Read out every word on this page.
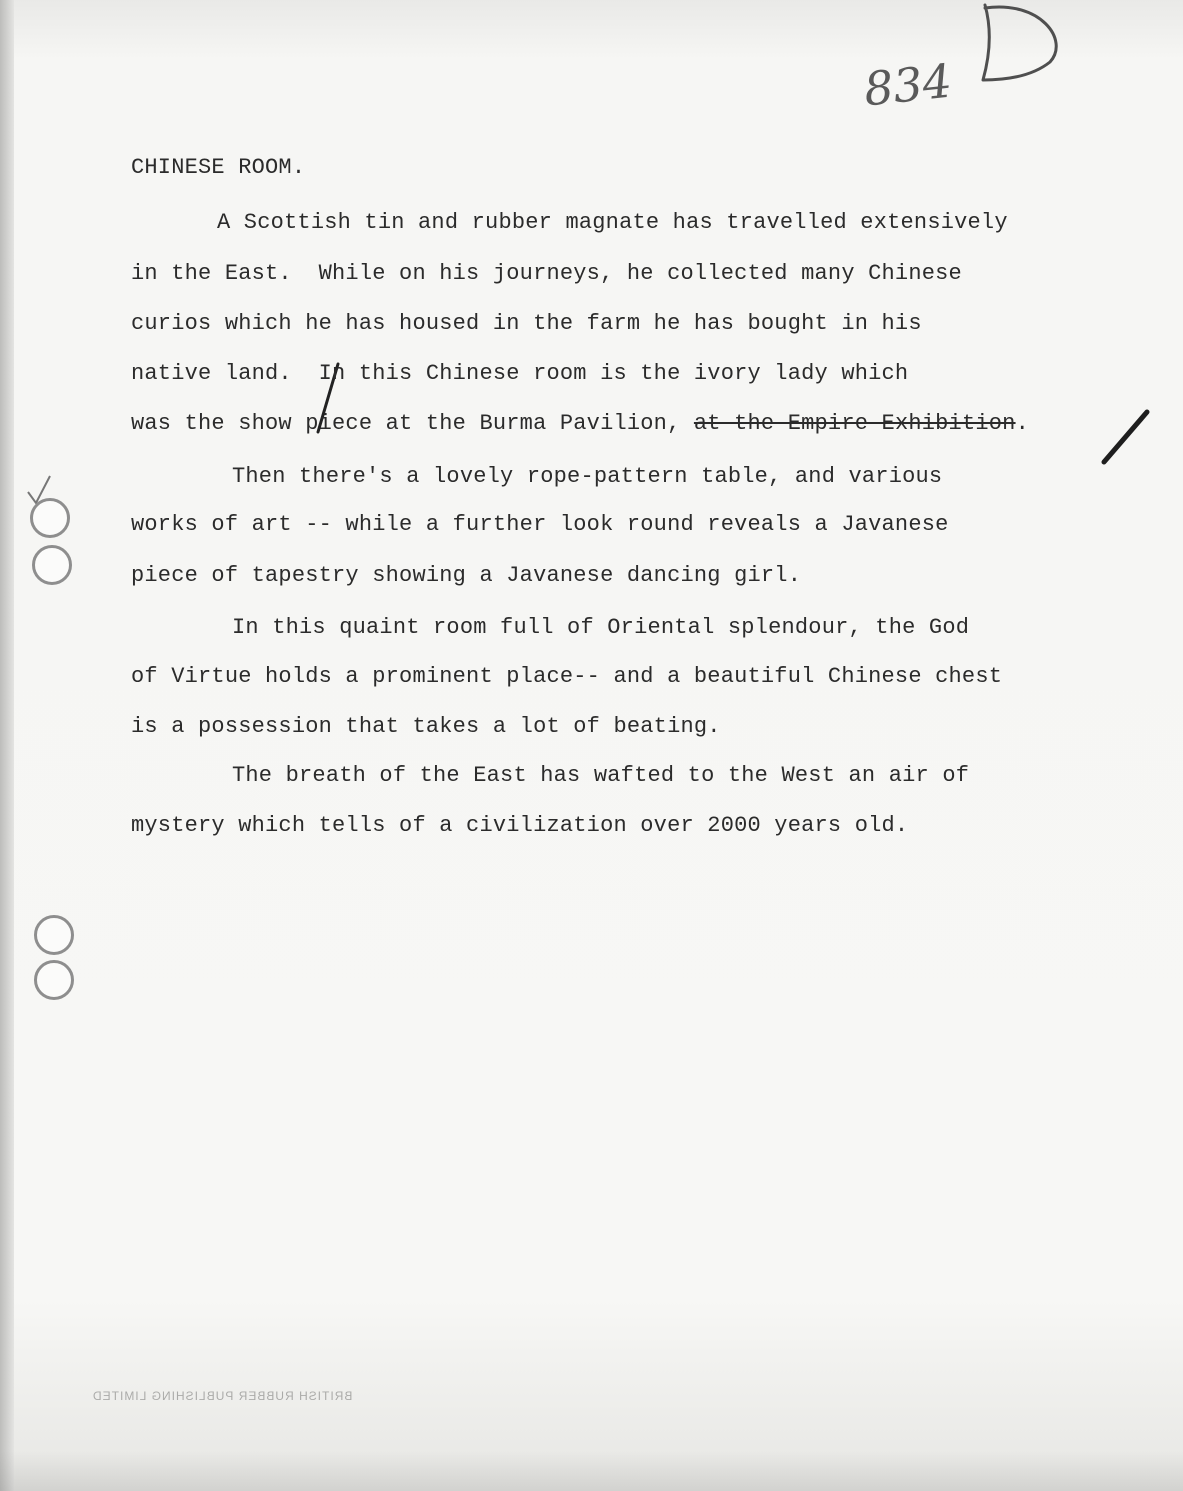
834

CHINESE ROOM.

A Scottish tin and rubber magnate has travelled extensively

in the East.  While on his journeys, he collected many Chinese

curios which he has housed in the farm he has bought in his

native land.  In this Chinese room is the ivory lady which

was the show piece at the Burma Pavilion, at the Empire Exhibition.

Then there's a lovely rope-pattern table, and various

works of art -- while a further look round reveals a Javanese

piece of tapestry showing a Javanese dancing girl.

In this quaint room full of Oriental splendour, the God

of Virtue holds a prominent place-- and a beautiful Chinese chest

is a possession that takes a lot of beating.

The breath of the East has wafted to the West an air of

mystery which tells of a civilization over 2000 years old.

BRITISH RUBBER PUBLISHING LIMITED
